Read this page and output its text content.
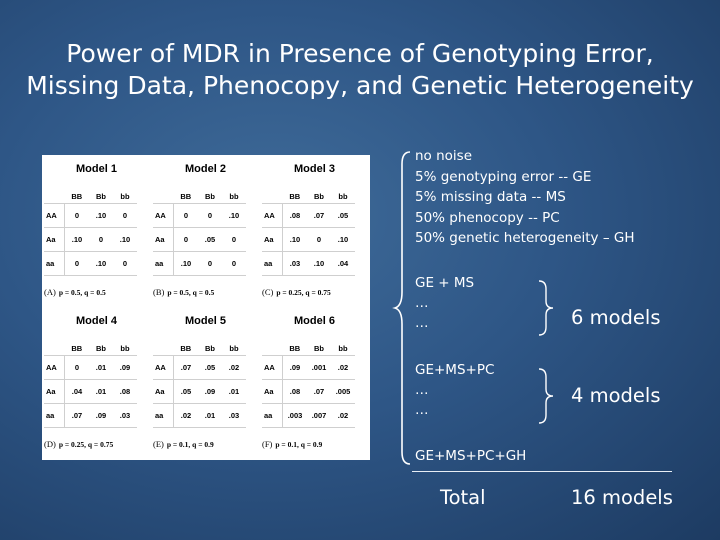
Power of MDR in Presence of Genotyping Error,
Missing Data, Phenocopy, and Genetic Heterogeneity
Model 1
	BB	Bb	bb
AA	0	.10	0
Aa	.10	0	.10
aa	0	.10	0
(A) p = 0.5, q = 0.5
Model 2
	BB	Bb	bb
AA	0	0	.10
Aa	0	.05	0
aa	.10	0	0
(B) p = 0.5, q = 0.5
Model 3
	BB	Bb	bb
AA	.08	.07	.05
Aa	.10	0	.10
aa	.03	.10	.04
(C) p = 0.25, q = 0.75
Model 4
	BB	Bb	bb
AA	0	.01	.09
Aa	.04	.01	.08
aa	.07	.09	.03
(D) p = 0.25, q = 0.75
Model 5
	BB	Bb	bb
AA	.07	.05	.02
Aa	.05	.09	.01
aa	.02	.01	.03
(E) p = 0.1, q = 0.9
Model 6
	BB	Bb	bb
AA	.09	.001	.02
Aa	.08	.07	.005
aa	.003	.007	.02
(F) p = 0.1, q = 0.9
no noise
5% genotyping error -- GE
5% missing data -- MS
50% phenocopy -- PC
50% genetic heterogeneity – GH
GE + MS
…
…	6 models
GE+MS+PC
…
…
4 models
GE+MS+PC+GH
Total	16 models
